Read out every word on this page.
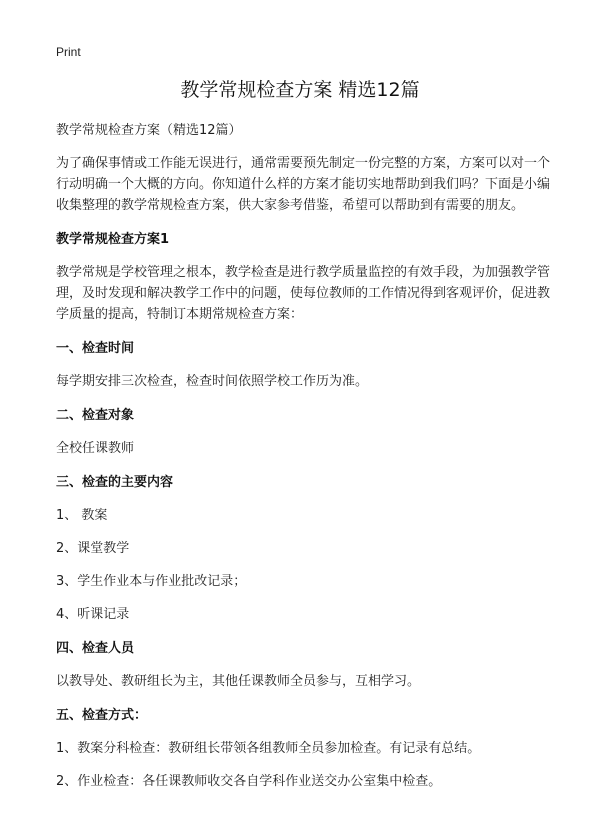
Print
教学常规检查方案 精选12篇

教学常规检查方案（精选12篇）

为了确保事情或工作能无误进行，通常需要预先制定一份完整的方案，方案可以对一个行动明确一个大概的方向。你知道什么样的方案才能切实地帮助到我们吗？下面是小编收集整理的教学常规检查方案，供大家参考借鉴，希望可以帮助到有需要的朋友。

教学常规检查方案1

教学常规是学校管理之根本，教学检查是进行教学质量监控的有效手段，为加强教学管理，及时发现和解决教学工作中的问题，使每位教师的工作情况得到客观评价，促进教学质量的提高，特制订本期常规检查方案：

一、检查时间

每学期安排三次检查，检查时间依照学校工作历为准。

二、检查对象

全校任课教师

三、检查的主要内容

1、 教案

2、课堂教学

3、学生作业本与作业批改记录；

4、听课记录

四、检查人员

以教导处、教研组长为主，其他任课教师全员参与，互相学习。

五、检查方式：

1、教案分科检查：教研组长带领各组教师全员参加检查。有记录有总结。

2、作业检查：各任课教师收交各自学科作业送交办公室集中检查。
